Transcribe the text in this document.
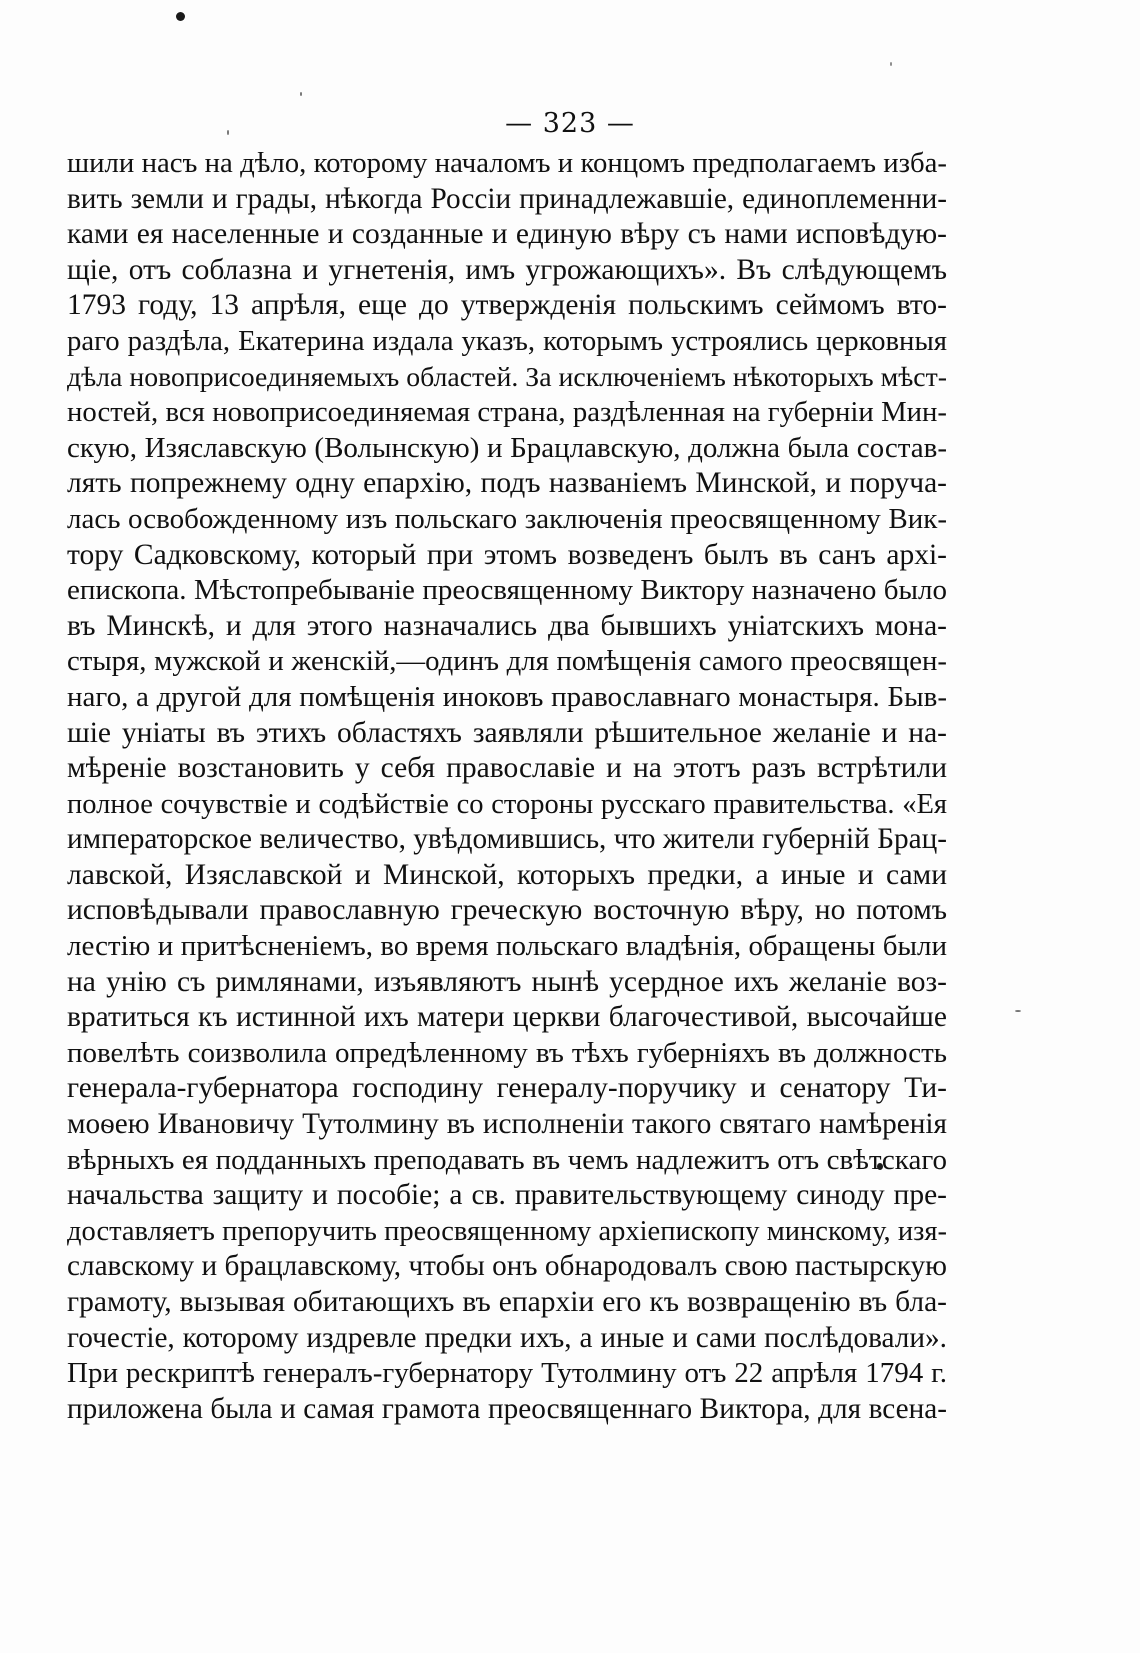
— 323 —
шили насъ на дѣло, которому началомъ и концомъ предполагаемъ изба-
вить земли и грады, нѣкогда Россіи принадлежавшіе, единоплеменни-
ками ея населенные и созданные и единую вѣру съ нами исповѣдую-
щіе, отъ соблазна и угнетенія, имъ угрожающихъ». Въ слѣдующемъ
1793 году, 13 апрѣля, еще до утвержденія польскимъ сеймомъ вто-
раго раздѣла, Екатерина издала указъ, которымъ устроялись церковныя
дѣла новоприсоединяемыхъ областей. За исключеніемъ нѣкоторыхъ мѣст-
ностей, вся новоприсоединяемая страна, раздѣленная на губерніи Мин-
скую, Изяславскую (Волынскую) и Брацлавскую, должна была состав-
лять попрежнему одну епархію, подъ названіемъ Минской, и поруча-
лась освобожденному изъ польскаго заключенія преосвященному Вик-
тору Садковскому, который при этомъ возведенъ былъ въ санъ архі-
епископа. Мѣстопребываніе преосвященному Виктору назначено было
въ Минскѣ, и для этого назначались два бывшихъ уніатскихъ мона-
стыря, мужской и женскій,—одинъ для помѣщенія самого преосвящен-
наго, а другой для помѣщенія иноковъ православнаго монастыря. Быв-
шіе уніаты въ этихъ областяхъ заявляли рѣшительное желаніе и на-
мѣреніе возстановить у себя православіе и на этотъ разъ встрѣтили
полное сочувствіе и содѣйствіе со стороны русскаго правительства. «Ея
императорское величество, увѣдомившись, что жители губерній Брац-
лавской, Изяславской и Минской, которыхъ предки, а иные и сами
исповѣдывали православную греческую восточную вѣру, но потомъ
лестію и притѣсненіемъ, во время польскаго владѣнія, обращены были
на унію съ римлянами, изъявляютъ нынѣ усердное ихъ желаніе воз-
вратиться къ истинной ихъ матери церкви благочестивой, высочайше
повелѣть соизволила опредѣленному въ тѣхъ губерніяхъ въ должность
генерала-губернатора господину генералу-поручику и сенатору Ти-
моѳею Ивановичу Тутолмину въ исполненіи такого святаго намѣренія
вѣрныхъ ея подданныхъ преподавать въ чемъ надлежитъ отъ свѣтскаго
начальства защиту и пособіе; а св. правительствующему синоду пре-
доставляетъ препоручить преосвященному архіепископу минскому, изя-
славскому и брацлавскому, чтобы онъ обнародовалъ свою пастырскую
грамоту, вызывая обитающихъ въ епархіи его къ возвращенію въ бла-
гочестіе, которому издревле предки ихъ, а иные и сами послѣдовали».
При рескриптѣ генералъ-губернатору Тутолмину отъ 22 апрѣля 1794 г.
приложена была и самая грамота преосвященнаго Виктора, для всена-
